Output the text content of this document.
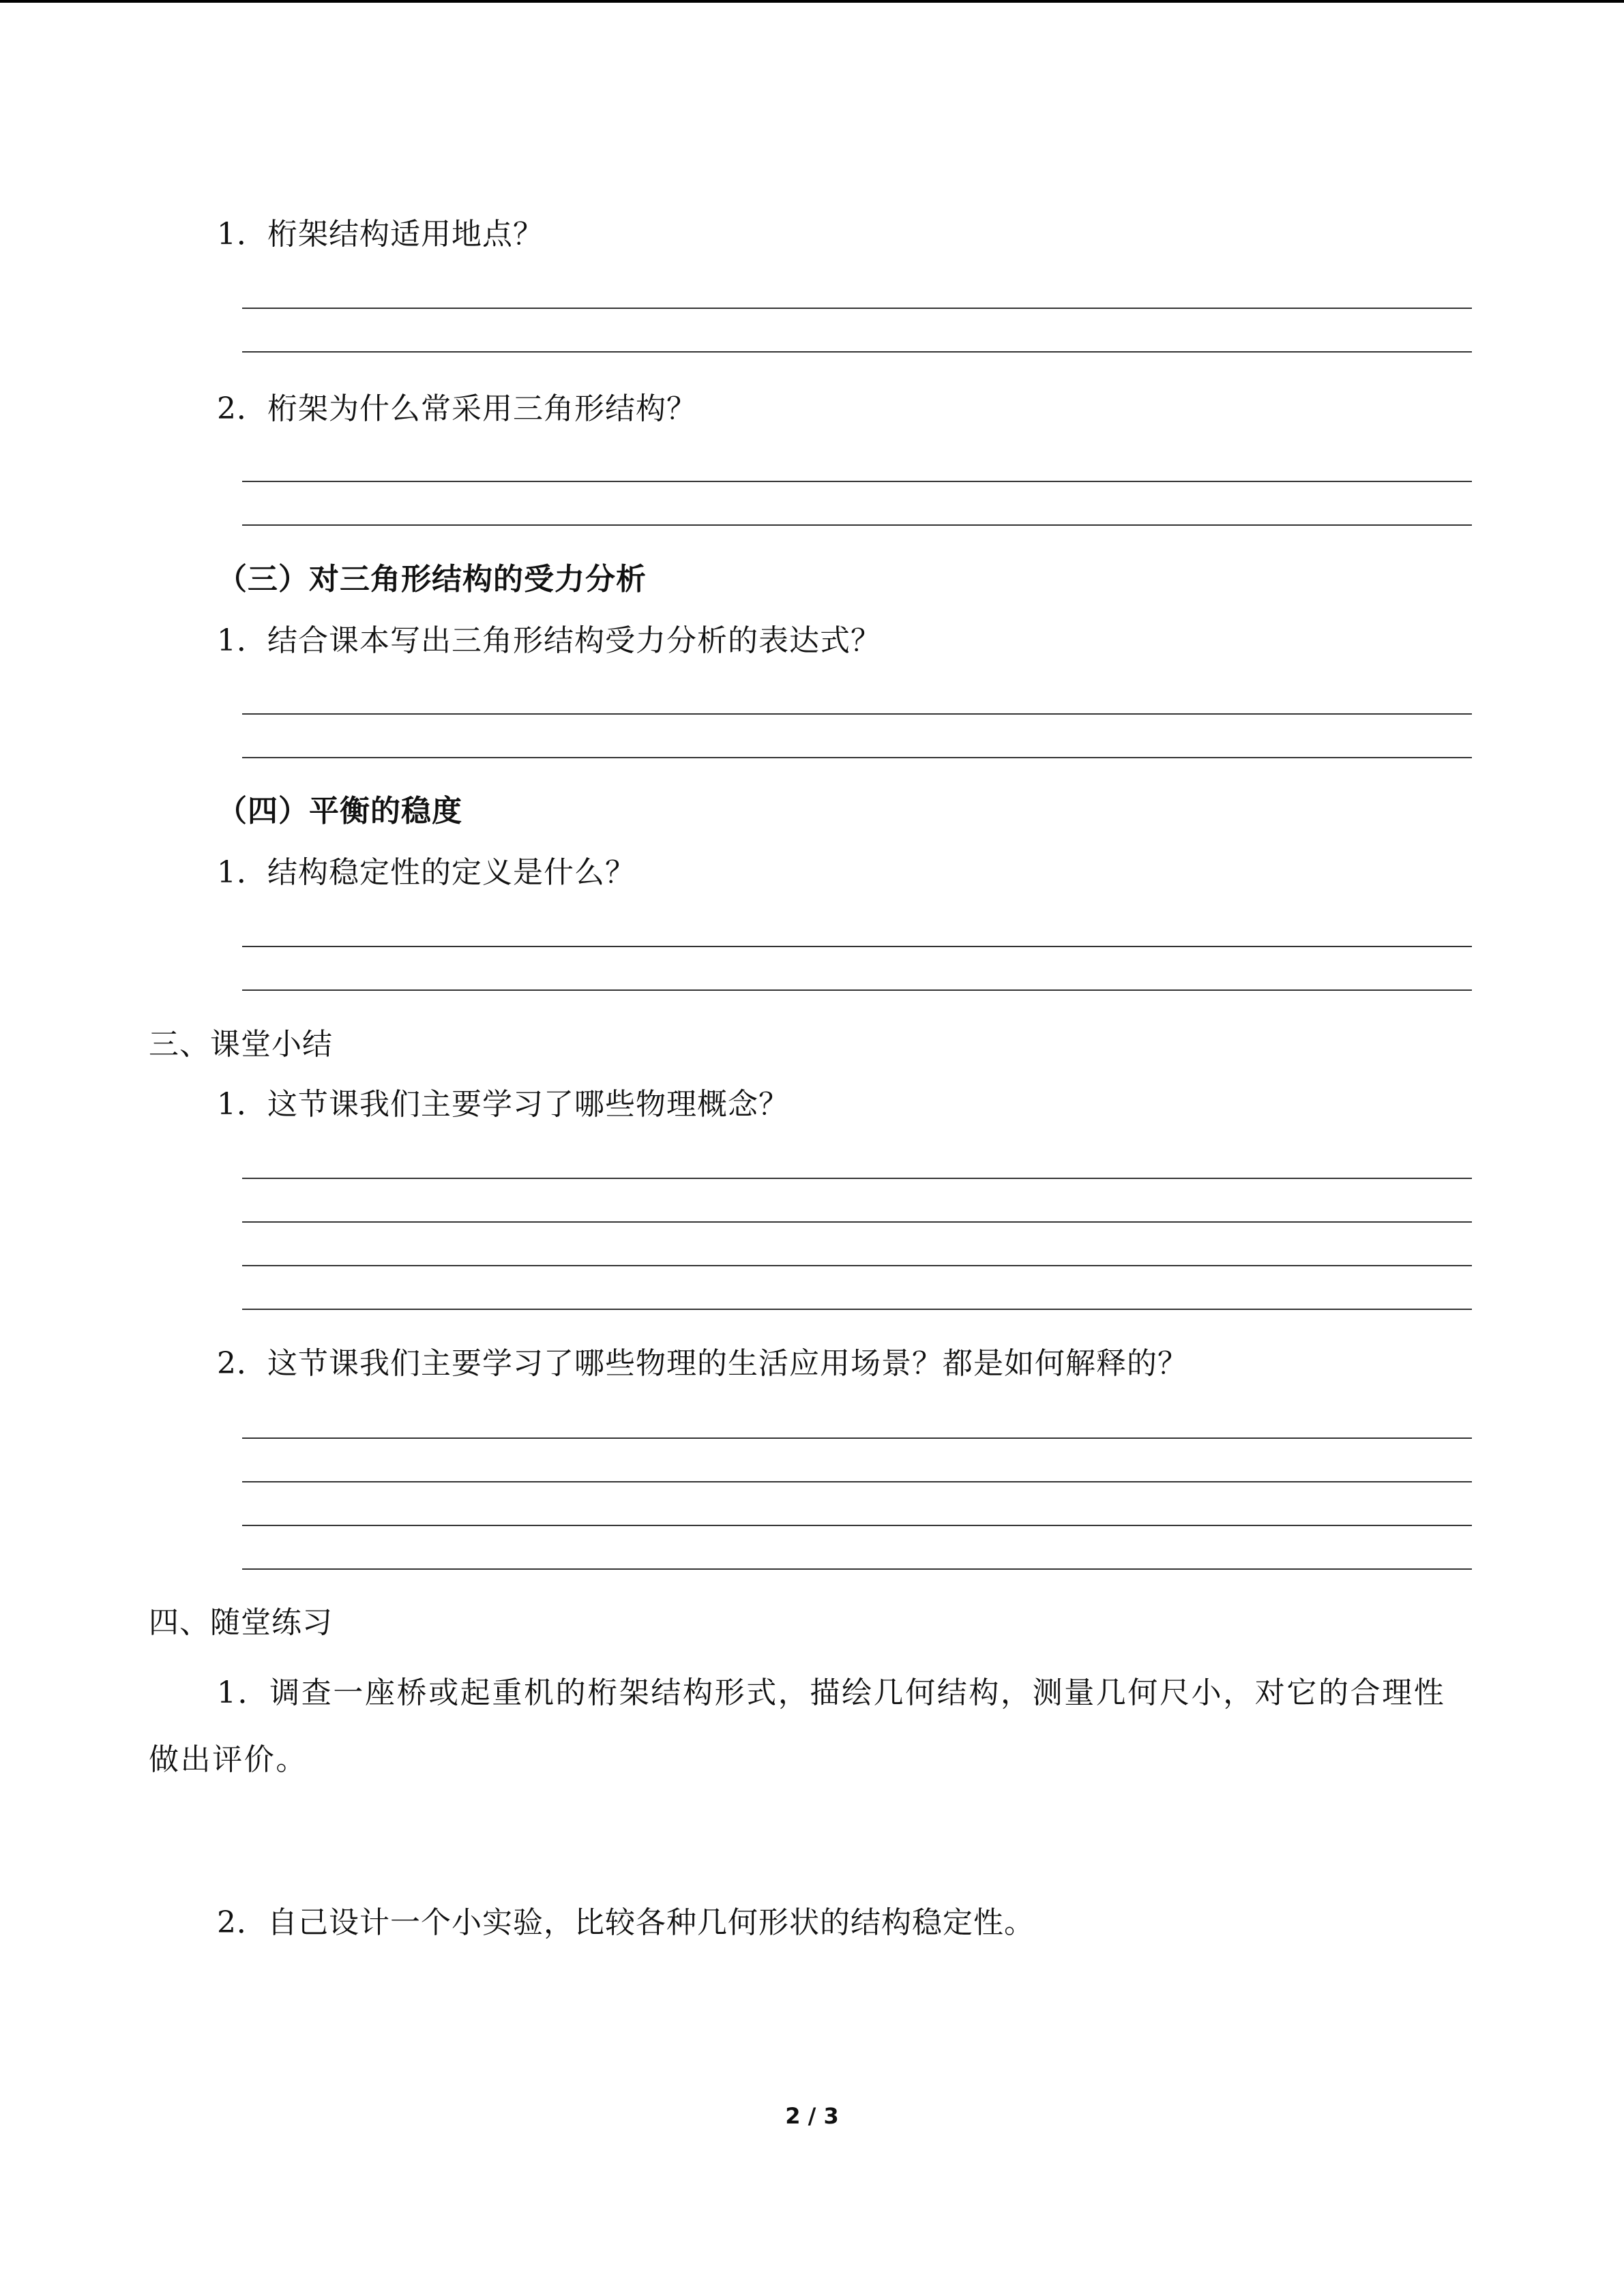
1．桁架结构适用地点？
2．桁架为什么常采用三角形结构？
（三）对三角形结构的受力分析
1．结合课本写出三角形结构受力分析的表达式？
（四）平衡的稳度
1．结构稳定性的定义是什么？
三、课堂小结
1．这节课我们主要学习了哪些物理概念？
2．这节课我们主要学习了哪些物理的生活应用场景？都是如何解释的？
四、随堂练习
1．调查一座桥或起重机的桁架结构形式，描绘几何结构，测量几何尺小，对它的合理性做出评价。
2．自己设计一个小实验，比较各种几何形状的结构稳定性。
2 / 3
